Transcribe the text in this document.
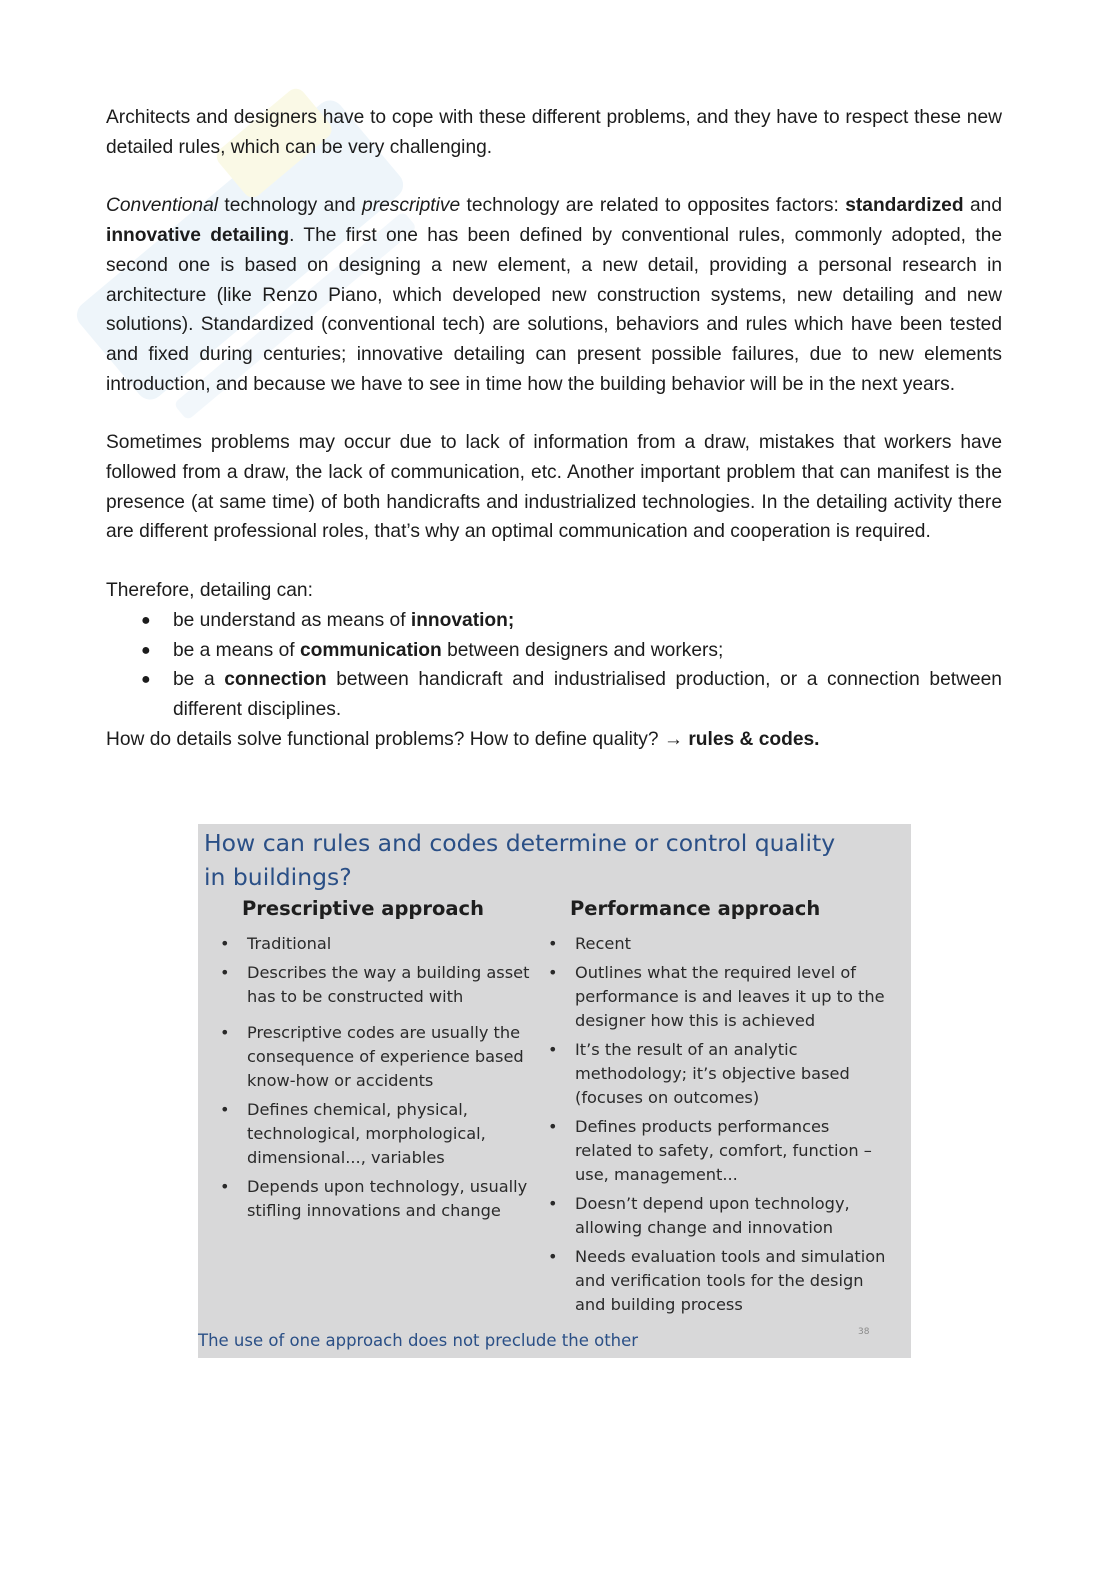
Architects and designers have to cope with these different problems, and they have to respect these new detailed rules, which can be very challenging.

Conventional technology and prescriptive technology are related to opposites factors: standardized and innovative detailing. The first one has been defined by conventional rules, commonly adopted, the second one is based on designing a new element, a new detail, providing a personal research in architecture (like Renzo Piano, which developed new construction systems, new detailing and new solutions). Standardized (conventional tech) are solutions, behaviors and rules which have been tested and fixed during centuries; innovative detailing can present possible failures, due to new elements introduction, and because we have to see in time how the building behavior will be in the next years.

Sometimes problems may occur due to lack of information from a draw, mistakes that workers have followed from a draw, the lack of communication, etc. Another important problem that can manifest is the presence (at same time) of both handicrafts and industrialized technologies. In the detailing activity there are different professional roles, that’s why an optimal communication and cooperation is required.

Therefore, detailing can:

● be understand as means of innovation;
● be a means of communication between designers and workers;
● be a connection between handicraft and industrialised production, or a connection between different disciplines.

How do details solve functional problems? How to define quality? → rules & codes.

How can rules and codes determine or control quality in buildings?
Prescriptive approach
• Traditional
• Describes the way a building asset has to be constructed with
• Prescriptive codes are usually the consequence of experience based know-how or accidents
• Defines chemical, physical, technological, morphological, dimensional..., variables
• Depends upon technology, usually stifling innovations and change
Performance approach
• Recent
• Outlines what the required level of performance is and leaves it up to the designer how this is achieved
• It’s the result of an analytic methodology; it’s objective based (focuses on outcomes)
• Defines products performances related to safety, comfort, function – use, management...
• Doesn’t depend upon technology, allowing change and innovation
• Needs evaluation tools and simulation and verification tools for the design and building process
The use of one approach does not preclude the other	38
